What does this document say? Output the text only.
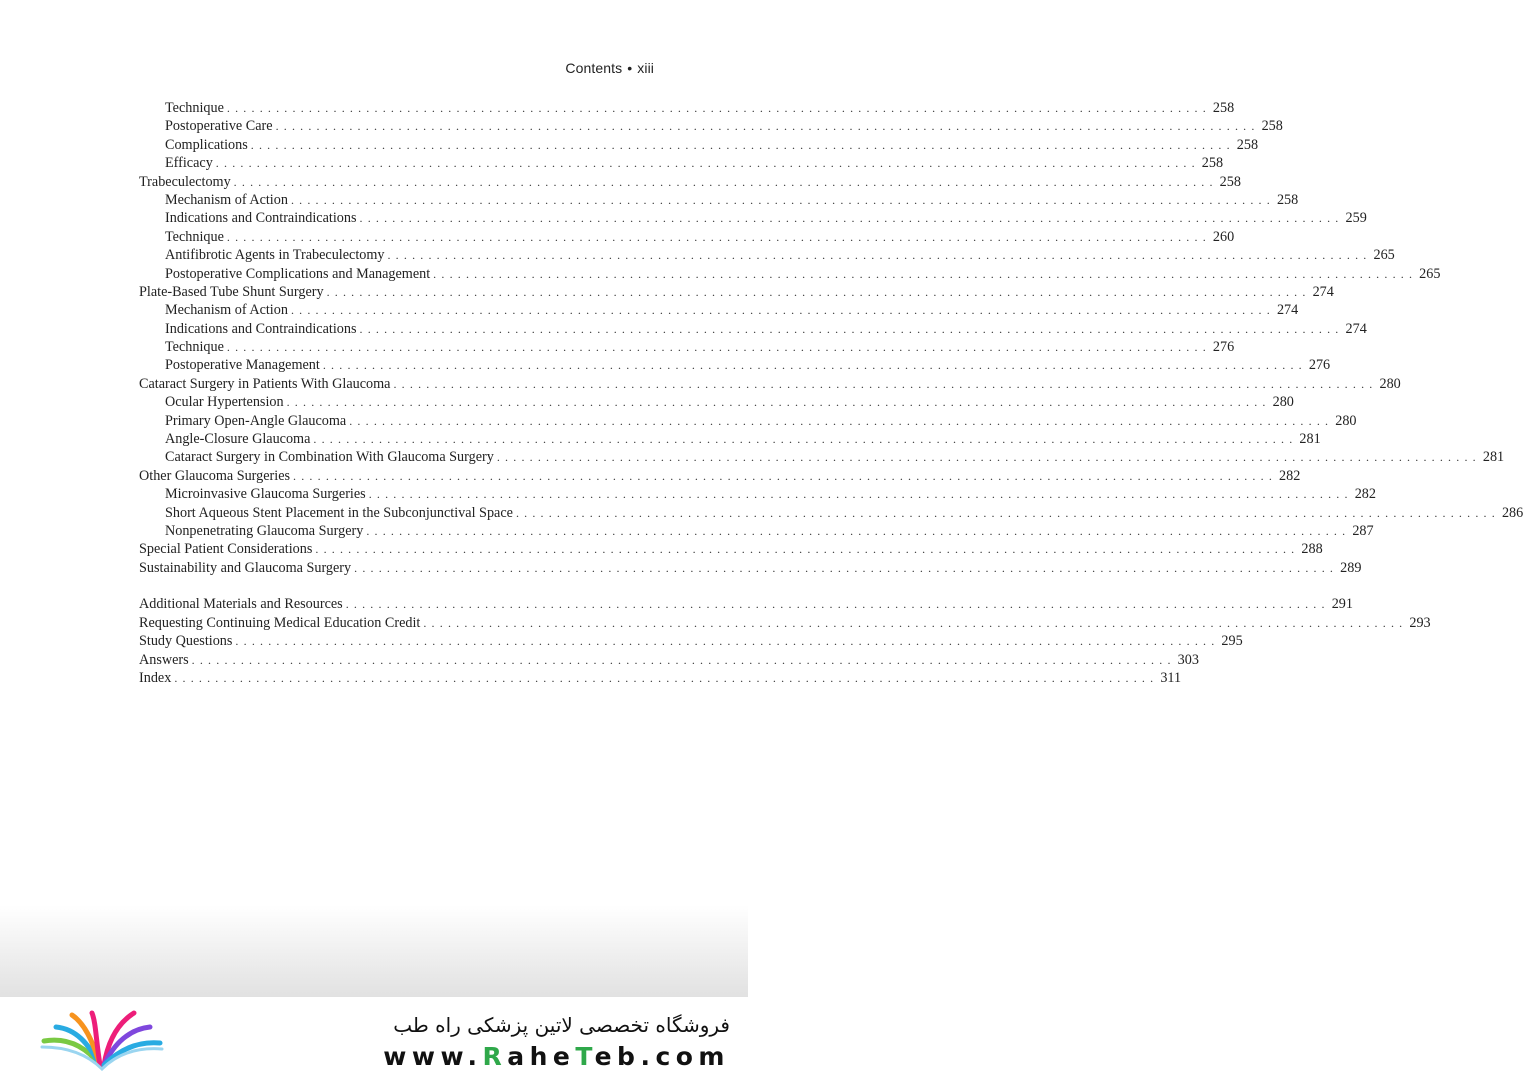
Contents • xiii
Technique ........................................................................................................................ 258
Postoperative Care ........................................................................................................................ 258
Complications ........................................................................................................................ 258
Efficacy ........................................................................................................................ 258
Trabeculectomy ........................................................................................................................ 258
Mechanism of Action ........................................................................................................................ 258
Indications and Contraindications ........................................................................................................................ 259
Technique ........................................................................................................................ 260
Antifibrotic Agents in Trabeculectomy ........................................................................................................................ 265
Postoperative Complications and Management ........................................................................................................................ 265
Plate-Based Tube Shunt Surgery ........................................................................................................................ 274
Mechanism of Action ........................................................................................................................ 274
Indications and Contraindications ........................................................................................................................ 274
Technique ........................................................................................................................ 276
Postoperative Management ........................................................................................................................ 276
Cataract Surgery in Patients With Glaucoma ........................................................................................................................ 280
Ocular Hypertension ........................................................................................................................ 280
Primary Open-Angle Glaucoma ........................................................................................................................ 280
Angle-Closure Glaucoma ........................................................................................................................ 281
Cataract Surgery in Combination With Glaucoma Surgery ........................................................................................................................ 281
Other Glaucoma Surgeries ........................................................................................................................ 282
Microinvasive Glaucoma Surgeries ........................................................................................................................ 282
Short Aqueous Stent Placement in the Subconjunctival Space ........................................................................................................................ 286
Nonpenetrating Glaucoma Surgery ........................................................................................................................ 287
Special Patient Considerations ........................................................................................................................ 288
Sustainability and Glaucoma Surgery ........................................................................................................................ 289
Additional Materials and Resources ........................................................................................................................ 291
Requesting Continuing Medical Education Credit ........................................................................................................................ 293
Study Questions ........................................................................................................................ 295
Answers ........................................................................................................................ 303
Index ........................................................................................................................ 311
فروشگاه تخصصی لاتین پزشکی راه طب
www.RaheTeb.com
